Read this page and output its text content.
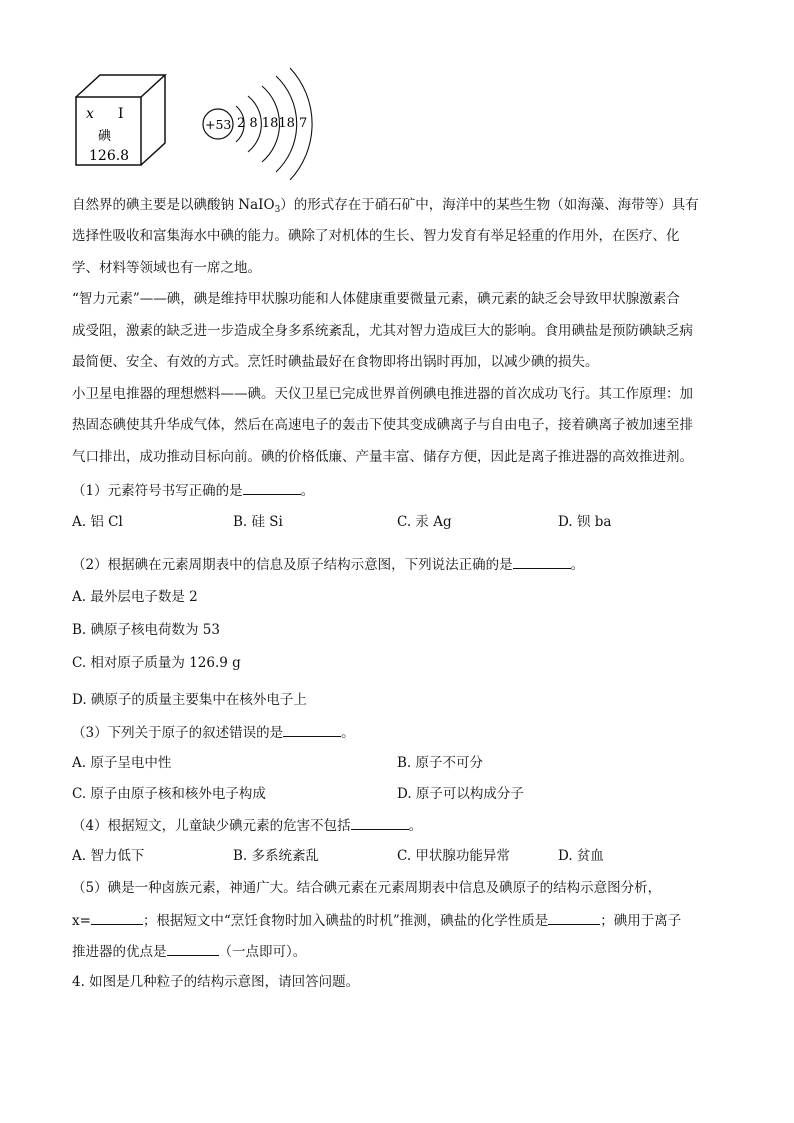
x I
碘
126.8
+53 2 8 1818 7
自然界的碘主要是以碘酸钠 NaIO$_3$）的形式存在于硝石矿中，海洋中的某些生物（如海藻、海带等）具有
选择性吸收和富集海水中碘的能力。碘除了对机体的生长、智力发育有举足轻重的作用外，在医疗、化
学、材料等领域也有一席之地。
“智力元素”——碘，碘是维持甲状腺功能和人体健康重要微量元素，碘元素的缺乏会导致甲状腺激素合
成受阻，激素的缺乏进一步造成全身多系统紊乱，尤其对智力造成巨大的影响。食用碘盐是预防碘缺乏病
最简便、安全、有效的方式。烹饪时碘盐最好在食物即将出锅时再加，以减少碘的损失。
小卫星电推器的理想燃料——碘。天仪卫星已完成世界首例碘电推进器的首次成功飞行。其工作原理：加
热固态碘使其升华成气体，然后在高速电子的轰击下使其变成碘离子与自由电子，接着碘离子被加速至排
气口排出，成功推动目标向前。碘的价格低廉、产量丰富、储存方便，因此是离子推进器的高效推进剂。
（1）元素符号书写正确的是	。
A. 铝 Cl	B. 硅 Si	C. 汞 Ag	D. 钡 ba
（2）根据碘在元素周期表中的信息及原子结构示意图，下列说法正确的是	。
A. 最外层电子数是 2
B. 碘原子核电荷数为 53
C. 相对原子质量为 126.9 g
D. 碘原子的质量主要集中在核外电子上
（3）下列关于原子的叙述错误的是	。
A. 原子呈电中性	B. 原子不可分
C. 原子由原子核和核外电子构成	D. 原子可以构成分子
（4）根据短文，儿童缺少碘元素的危害不包括	。
A. 智力低下	B. 多系统紊乱	C. 甲状腺功能异常	D. 贫血
（5）碘是一种卤族元素，神通广大。结合碘元素在元素周期表中信息及碘原子的结构示意图分析，
x=	；根据短文中“烹饪食物时加入碘盐的时机”推测，碘盐的化学性质是	；碘用于离子
推进器的优点是	（一点即可）。
4. 如图是几种粒子的结构示意图，请回答问题。
